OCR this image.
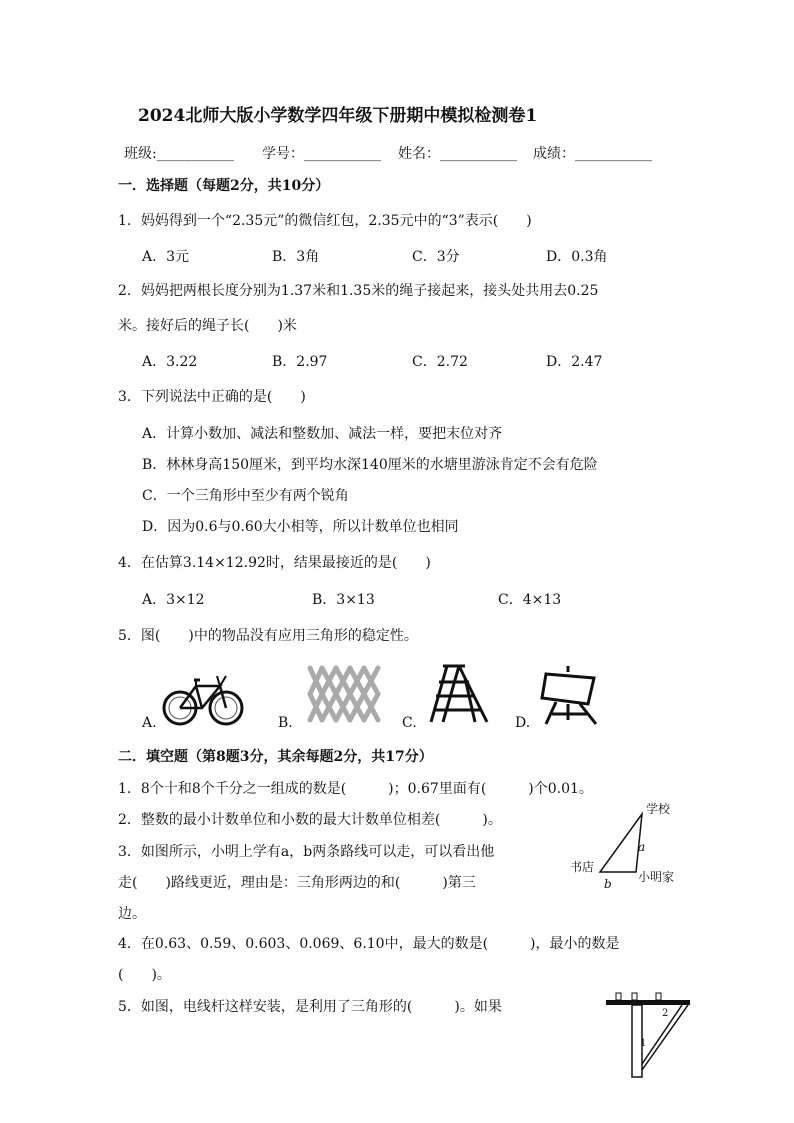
2024北师大版小学数学四年级下册期中模拟检测卷1
班级:___________ 学号：___________ 姓名：___________ 成绩：___________
一．选择题（每题2分，共10分）
1．妈妈得到一个“2.35元”的微信红包，2.35元中的“3”表示(　　)
A．3元	B．3角	C．3分	D．0.3角
2．妈妈把两根长度分别为1.37米和1.35米的绳子接起来，接头处共用去0.25
米。接好后的绳子长(　　)米
A．3.22	B．2.97	C．2.72	D．2.47
3．下列说法中正确的是(　　)
A．计算小数加、减法和整数加、减法一样，要把末位对齐
B．林林身高150厘米，到平均水深140厘米的水塘里游泳肯定不会有危险
C．一个三角形中至少有两个锐角
D．因为0.6与0.60大小相等，所以计数单位也相同
4．在估算3.14×12.92时，结果最接近的是(　　)
A．3×12	B．3×13	C．4×13
5．图(　　)中的物品没有应用三角形的稳定性。
A.	B.	C.	D.
二．填空题（第8题3分，其余每题2分，共17分）
1．8个十和8个千分之一组成的数是(　　　)；0.67里面有(　　　)个0.01。
2．整数的最小计数单位和小数的最大计数单位相差(　　　)。
3．如图所示，小明上学有a，b两条路线可以走，可以看出他
走(　　)路线更近，理由是：三角形两边的和(　　　)第三
边。
4．在0.63、0.59、0.603、0.069、6.10中，最大的数是(　　　)，最小的数是
(　　)。
5．如图，电线杆这样安装，是利用了三角形的(　　　)。如果
学校
书店
小明家
a
b
1
2
